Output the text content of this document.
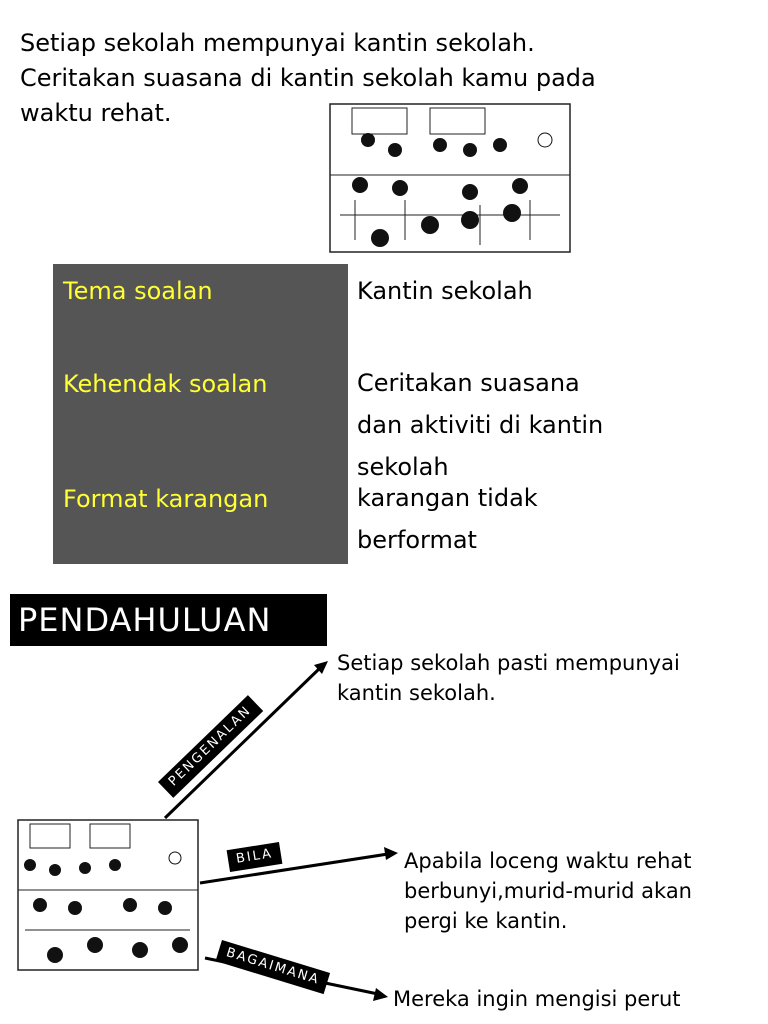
Setiap sekolah mempunyai kantin sekolah.
Ceritakan suasana di kantin sekolah kamu pada
waktu rehat.
Tema soalan
Kehendak soalan
Format karangan
Kantin sekolah
Ceritakan suasana
dan aktiviti di kantin
sekolah
karangan tidak
berformat
PENDAHULUAN
PENGENALAN
BILA
BAGAIMANA
Setiap sekolah pasti mempunyai
kantin sekolah.
Apabila loceng waktu rehat
berbunyi,murid-murid akan
pergi ke kantin.
Mereka ingin mengisi perut
